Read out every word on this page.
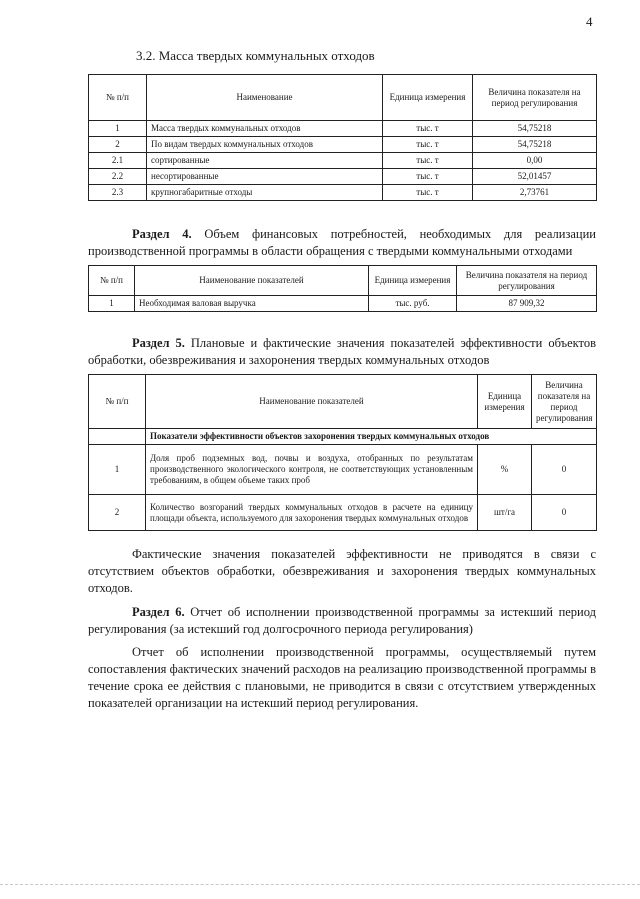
4
3.2. Масса твердых коммунальных отходов
№ п/п	Наименование	Единица измерения	Величина показателя на период регулирования
1	Масса твердых коммунальных отходов	тыс. т	54,75218
2	По видам твердых коммунальных отходов	тыс. т	54,75218
2.1	сортированные	тыс. т	0,00
2.2	несортированные	тыс. т	52,01457
2.3	крупногабаритные отходы	тыс. т	2,73761
Раздел 4. Объем финансовых потребностей, необходимых для реализации производственной программы в области обращения с твердыми коммунальными отходами
№ п/п	Наименование показателей	Единица измерения	Величина показателя на период регулирования
1	Необходимая валовая выручка	тыс. руб.	87 909,32
Раздел 5. Плановые и фактические значения показателей эффективности объектов обработки, обезвреживания и захоронения твердых коммунальных отходов
№ п/п	Наименование показателей	Единица измерения	Величина показателя на период регулирования
	Показатели эффективности объектов захоронения твердых коммунальных отходов		
1	Доля проб подземных вод, почвы и воздуха, отобранных по результатам производственного экологического контроля, не соответствующих установленным требованиям, в общем объеме таких проб	%	0
2	Количество возгораний твердых коммунальных отходов в расчете на единицу площади объекта, используемого для захоронения твердых коммунальных отходов	шт/га	0
Фактические значения показателей эффективности не приводятся в связи с отсутствием объектов обработки, обезвреживания и захоронения твердых коммунальных отходов.
Раздел 6. Отчет об исполнении производственной программы за истекший период регулирования (за истекший год долгосрочного периода регулирования)
Отчет об исполнении производственной программы, осуществляемый путем сопоставления фактических значений расходов на реализацию производственной программы в течение срока ее действия с плановыми, не приводится в связи с отсутствием утвержденных показателей организации на истекший период регулирования.
